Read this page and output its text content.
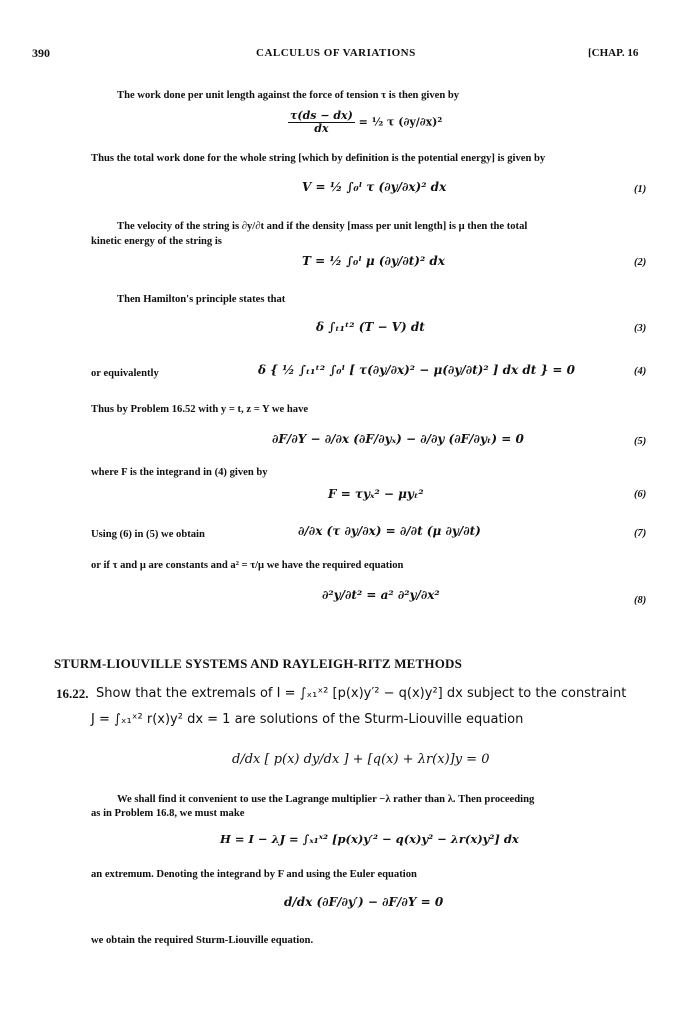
390	CALCULUS OF VARIATIONS	[CHAP. 16

The work done per unit length against the force of tension τ is then given by

$\frac{\tau(ds - dx)}{dx}$ = ½ τ (∂y/∂x)²

Thus the total work done for the whole string [which by definition is the potential energy] is given by

V = ½ ∫₀ˡ τ (∂y/∂x)² dx	(1)

The velocity of the string is ∂y/∂t and if the density [mass per unit length] is μ then the total

kinetic energy of the string is

T = ½ ∫₀ˡ μ (∂y/∂t)² dx	(2)

Then Hamilton's principle states that

δ ∫ₜ₁ᵗ² (T − V) dt	(3)

or equivalently	δ { ½ ∫ₜ₁ᵗ² ∫₀ˡ [ τ(∂y/∂x)² − μ(∂y/∂t)² ] dx dt } = 0	(4)

Thus by Problem 16.52 with y = t, z = Y we have

∂F/∂Y − ∂/∂x (∂F/∂yₓ) − ∂/∂y (∂F/∂yₜ) = 0	(5)

where F is the integrand in (4) given by

F = τyₓ² − μyₜ²	(6)

Using (6) in (5) we obtain	∂/∂x (τ ∂y/∂x) = ∂/∂t (μ ∂y/∂t)	(7)

or if τ and μ are constants and a² = τ/μ we have the required equation

∂²y/∂t² = a² ∂²y/∂x²	(8)
STURM-LIOUVILLE SYSTEMS AND RAYLEIGH-RITZ METHODS
16.22. Show that the extremals of I = ∫ₓ₁ˣ² [p(x)y′² − q(x)y²] dx subject to the constraint
J = ∫ₓ₁ˣ² r(x)y² dx = 1 are solutions of the Sturm-Liouville equation
d/dx [ p(x) dy/dx ] + [q(x) + λr(x)]y = 0

We shall find it convenient to use the Lagrange multiplier −λ rather than λ. Then proceeding

as in Problem 16.8, we must make

H = I − λJ = ∫ₓ₁ˣ² [p(x)y′² − q(x)y² − λr(x)y²] dx

an extremum. Denoting the integrand by F and using the Euler equation

d/dx (∂F/∂y′) − ∂F/∂Y = 0

we obtain the required Sturm-Liouville equation.
